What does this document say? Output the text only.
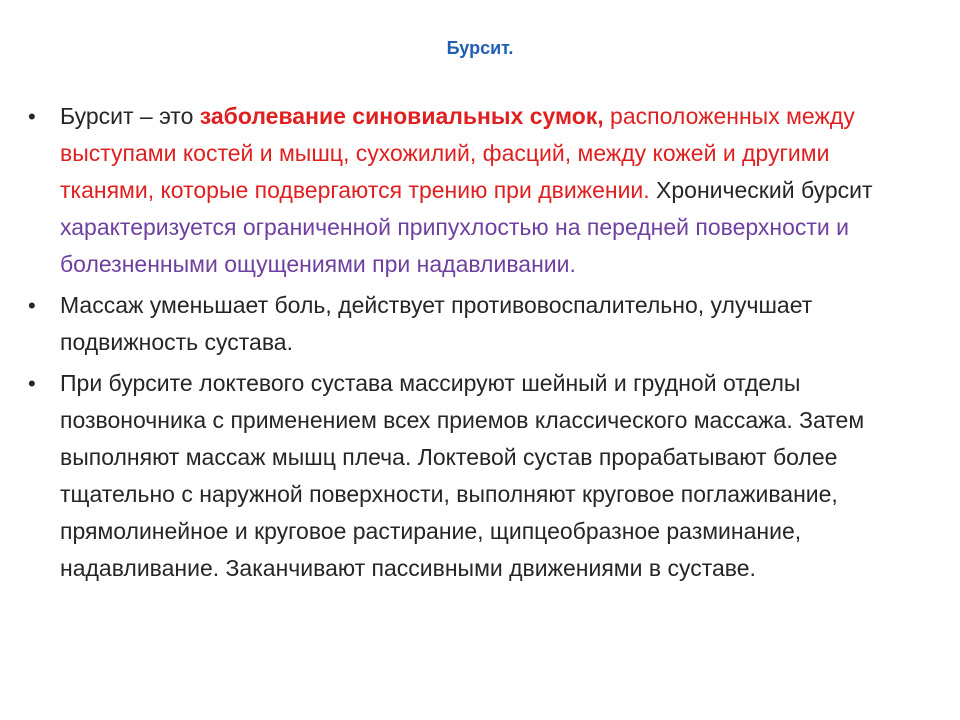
Бурсит.
• Бурсит – это заболевание синовиальных сумок, расположенных между выступами костей и мышц, сухожилий, фасций, между кожей и другими тканями, которые подвергаются трению при движении. Хронический бурсит характеризуется ограниченной припухлостью на передней поверхности и болезненными ощущениями при надавливании.
• Массаж уменьшает боль, действует противовоспалительно, улучшает подвижность сустава.
• При бурсите локтевого сустава массируют шейный и грудной отделы позвоночника с применением всех приемов классического массажа. Затем выполняют массаж мышц плеча. Локтевой сустав прорабатывают более тщательно с наружной поверхности, выполняют круговое поглаживание, прямолинейное и круговое растирание, щипцеобразное разминание, надавливание. Заканчивают пассивными движениями в суставе.
